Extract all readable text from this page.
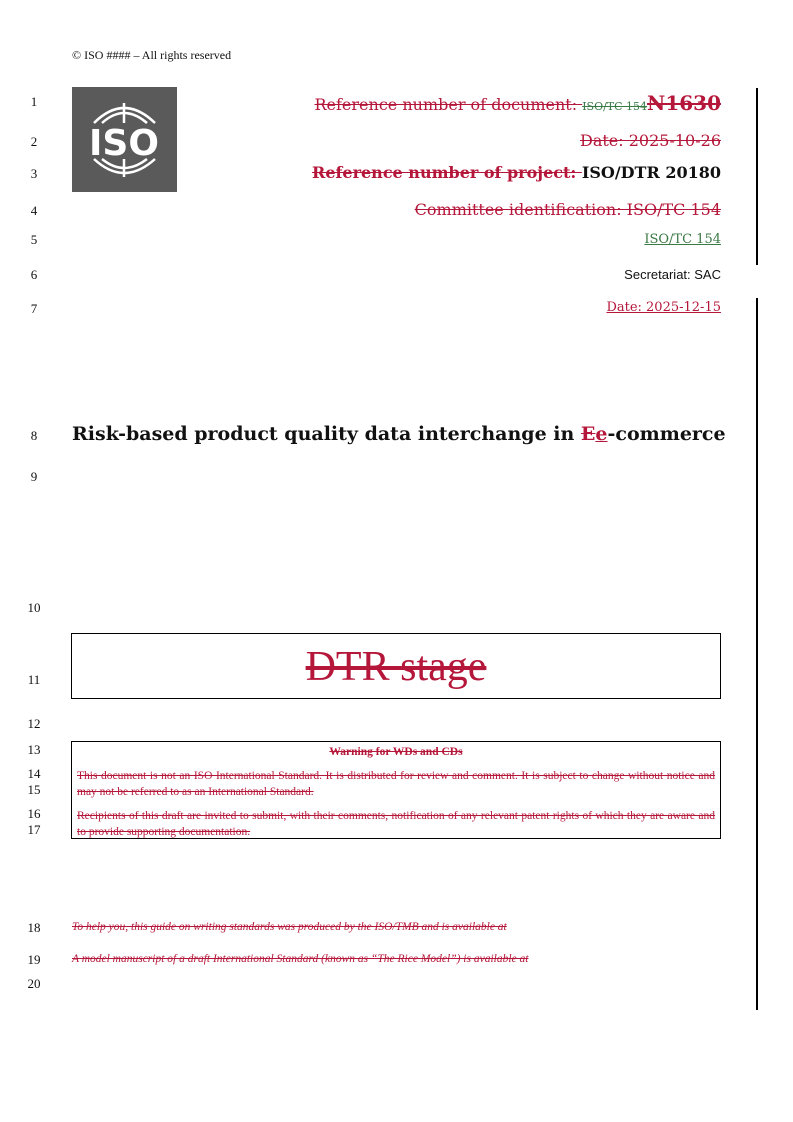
© ISO #### – All rights reserved
ISO
1
2
3
4
5
6
7
8
9
10
11
12
13
14
15
16
17
18
19
20
Reference number of document: ISO/TC 154N1630
Date: 2025-10-26
Reference number of project: ISO/DTR 20180
Committee identification: ISO/TC 154
ISO/TC 154
Secretariat: SAC
Date: 2025-12-15
Risk-based product quality data interchange in Ee-commerce
DTR stage
Warning for WDs and CDs
This document is not an ISO International Standard. It is distributed for review and comment. It is subject to change without notice and may not be referred to as an International Standard.
Recipients of this draft are invited to submit, with their comments, notification of any relevant patent rights of which they are aware and to provide supporting documentation.
To help you, this guide on writing standards was produced by the ISO/TMB and is available at
A model manuscript of a draft International Standard (known as “The Rice Model”) is available at
